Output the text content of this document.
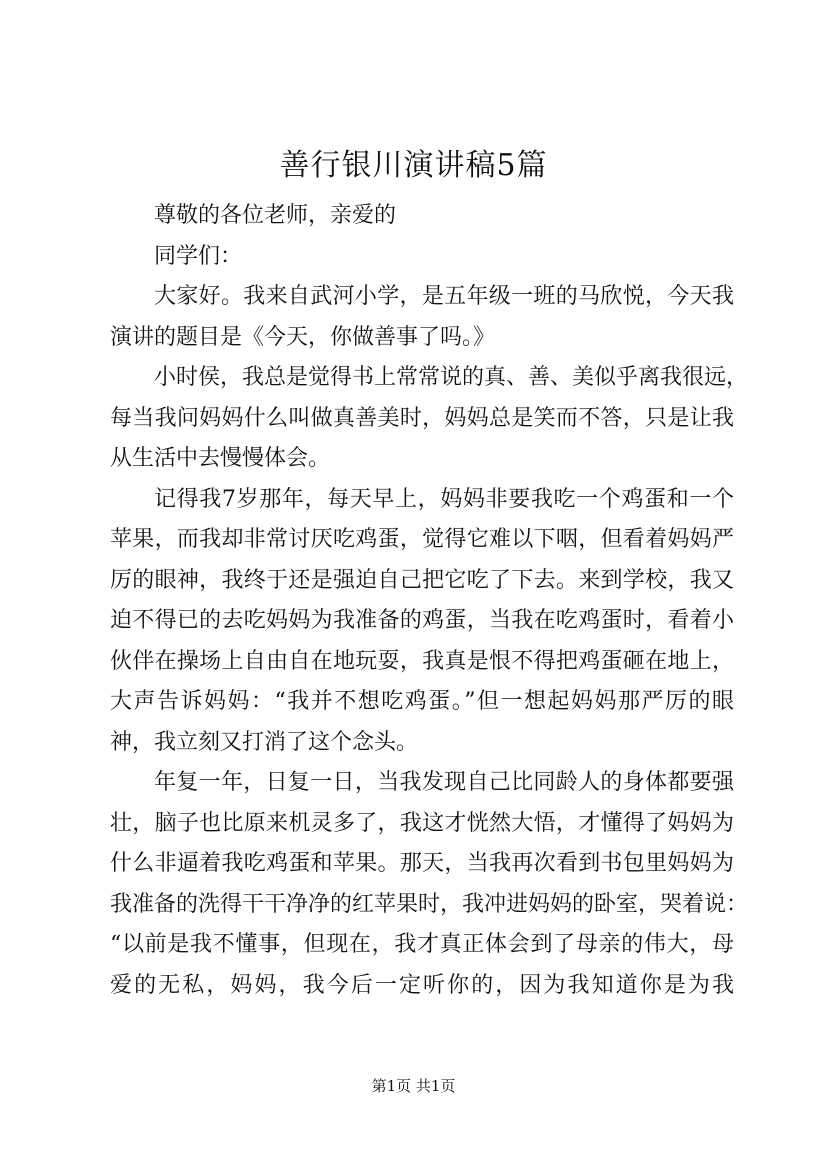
善行银川演讲稿5篇

尊敬的各位老师，亲爱的

同学们：

大家好。我来自武河小学，是五年级一班的马欣悦，今天我
演讲的题目是《今天，你做善事了吗。》

小时侯，我总是觉得书上常常说的真、善、美似乎离我很远，
每当我问妈妈什么叫做真善美时，妈妈总是笑而不答，只是让我
从生活中去慢慢体会。

记得我7岁那年，每天早上，妈妈非要我吃一个鸡蛋和一个
苹果，而我却非常讨厌吃鸡蛋，觉得它难以下咽，但看着妈妈严
厉的眼神，我终于还是强迫自己把它吃了下去。来到学校，我又
迫不得已的去吃妈妈为我准备的鸡蛋，当我在吃鸡蛋时，看着小
伙伴在操场上自由自在地玩耍，我真是恨不得把鸡蛋砸在地上，
大声告诉妈妈：“我并不想吃鸡蛋。”但一想起妈妈那严厉的眼
神，我立刻又打消了这个念头。

年复一年，日复一日，当我发现自己比同龄人的身体都要强
壮，脑子也比原来机灵多了，我这才恍然大悟，才懂得了妈妈为
什么非逼着我吃鸡蛋和苹果。那天，当我再次看到书包里妈妈为
我准备的洗得干干净净的红苹果时，我冲进妈妈的卧室，哭着说：
“以前是我不懂事，但现在，我才真正体会到了母亲的伟大，母
爱的无私，妈妈，我今后一定听你的，因为我知道你是为我

第1页 共1页
